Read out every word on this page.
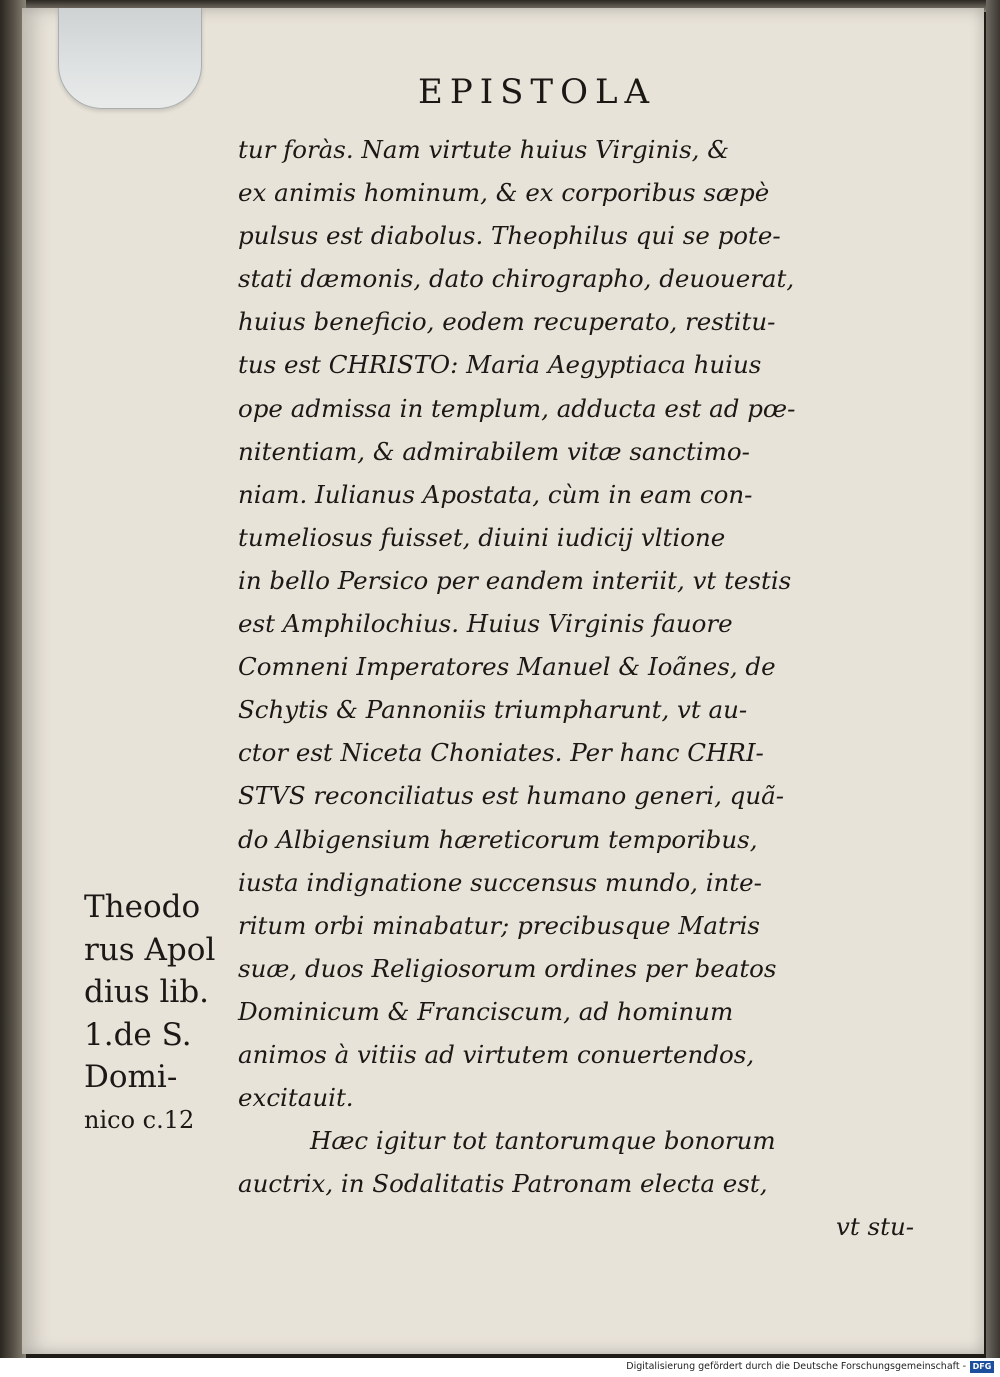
EPISTOLA
tur foràs. Nam virtute huius Virginis, &
ex animis hominum, & ex corporibus sæpè
pulsus est diabolus. Theophilus qui se pote-
stati dæmonis, dato chirographo, deuouerat,
huius beneficio, eodem recuperato, restitu-
tus est CHRISTO: Maria Aegyptiaca huius
ope admissa in templum, adducta est ad pœ-
nitentiam, & admirabilem vitæ sanctimo-
niam. Iulianus Apostata, cùm in eam con-
tumeliosus fuisset, diuini iudicij vltione
in bello Persico per eandem interiit, vt testis
est Amphilochius. Huius Virginis fauore
Comneni Imperatores Manuel & Ioãnes, de
Schytis & Pannoniis triumpharunt, vt au-
ctor est Niceta Choniates. Per hanc CHRI-
STVS reconciliatus est humano generi, quã-
do Albigensium hæreticorum temporibus,
iusta indignatione succensus mundo, inte-
ritum orbi minabatur; precibusque Matris
suæ, duos Religiosorum ordines per beatos
Dominicum & Franciscum, ad hominum
animos à vitiis ad virtutem conuertendos,
excitauit.
Hæc igitur tot tantorumque bonorum
auctrix, in Sodalitatis Patronam electa est,
vt stu-
Theodo
rus Apol
dius lib.
1.de S.
Domi-
nico c.12
Digitalisierung gefördert durch die Deutsche Forschungsgemeinschaft - DFG
